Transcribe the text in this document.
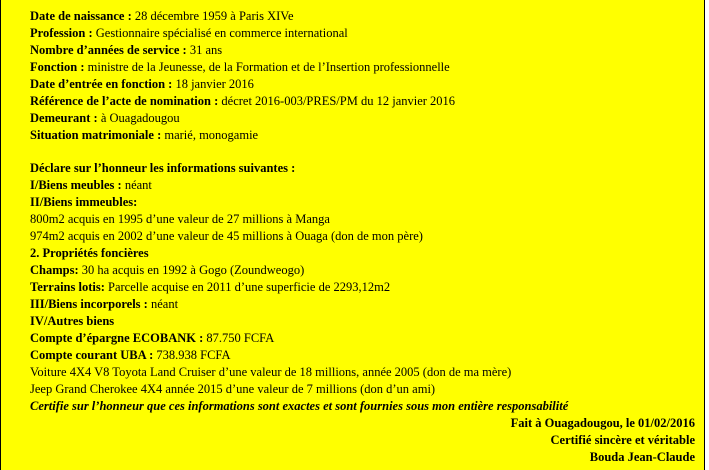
Date de naissance : 28 décembre 1959 à Paris XIVe
Profession : Gestionnaire spécialisé en commerce international
Nombre d’années de service : 31 ans
Fonction : ministre de la Jeunesse, de la Formation et de l’Insertion professionnelle
Date d’entrée en fonction : 18 janvier 2016
Référence de l’acte de nomination : décret 2016-003/PRES/PM du 12 janvier 2016
Demeurant : à Ouagadougou
Situation matrimoniale : marié, monogamie
Déclare sur l’honneur les informations suivantes :
I/Biens meubles : néant
II/Biens immeubles:
800m2 acquis en 1995 d’une valeur de 27 millions à Manga
974m2 acquis en 2002 d’une valeur de 45 millions à Ouaga (don de mon père)
2. Propriétés foncières
Champs: 30 ha acquis en 1992 à Gogo (Zoundweogo)
Terrains lotis: Parcelle acquise en 2011 d’une superficie de 2293,12m2
III/Biens incorporels : néant
IV/Autres biens
Compte d’épargne ECOBANK : 87.750 FCFA
Compte courant UBA : 738.938 FCFA
Voiture 4X4 V8 Toyota Land Cruiser d’une valeur de 18 millions, année 2005 (don de ma mère)
Jeep Grand Cherokee 4X4 année 2015 d’une valeur de 7 millions (don d’un ami)
Certifie sur l’honneur que ces informations sont exactes et sont fournies sous mon entière responsabilité
Fait à Ouagadougou, le 01/02/2016
Certifié sincère et véritable
Bouda Jean-Claude
